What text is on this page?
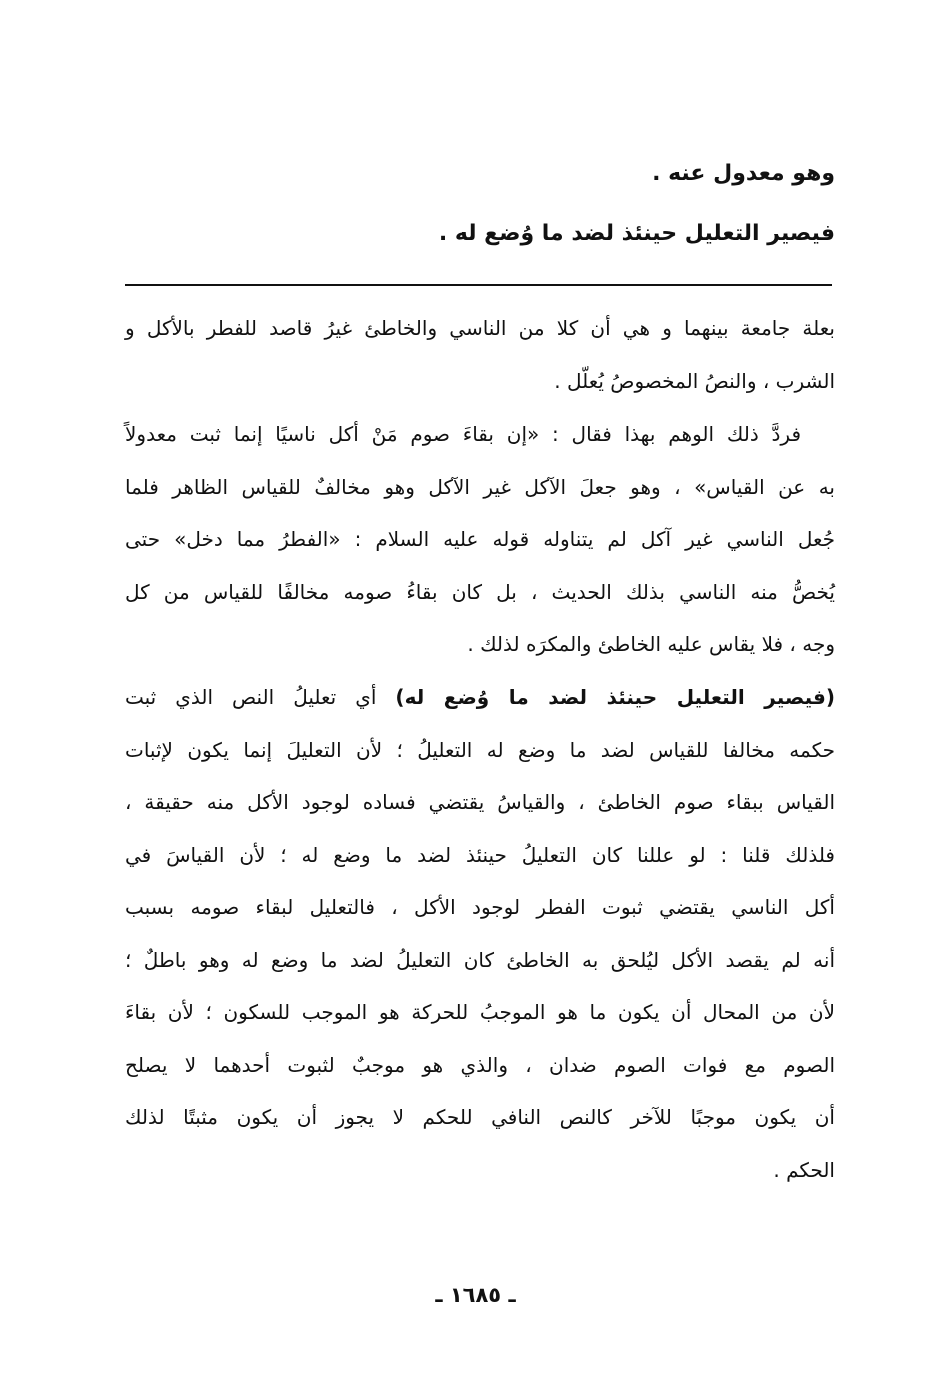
وهو معدول عنه .
فيصير التعليل حينئذ لضد ما وُضع له .
بعلة جامعة بينهما و هي أن كلا من الناسي والخاطئ غيرُ قاصد للفطر بالأكل و
الشرب ، والنصُ المخصوصُ يُعلّل .
فردَّ ذلك الوهم بهذا فقال : «إن بقاءَ صوم مَنْ أكل ناسيًا إنما ثبت معدولاً
به عن القياس» ، وهو جعلَ الآكل غير الآكل وهو مخالفٌ للقياس الظاهر فلما
جُعل الناسي غير آكل لم يتناوله قوله عليه السلام : «الفطرُ مما دخل» حتى
يُخصُّ منه الناسي بذلك الحديث ، بل كان بقاءُ صومه مخالفًا للقياس من كل
وجه ، فلا يقاس عليه الخاطئ والمكرَه لذلك .
(فيصير التعليل حينئذ لضد ما وُضع له) أي تعليلُ النص الذي ثبت
حكمه مخالفا للقياس لضد ما وضع له التعليلُ ؛ لأن التعليلَ إنما يكون لإثبات
القياس ببقاء صوم الخاطئ ، والقياسُ يقتضي فساده لوجود الأكل منه حقيقة ،
فلذلك قلنا : لو عللنا كان التعليلُ حينئذ لضد ما وضع له ؛ لأن القياسَ في
أكل الناسي يقتضي ثبوت الفطر لوجود الأكل ، فالتعليل لبقاء صومه بسبب
أنه لم يقصد الأكل ليُلحق به الخاطئ كان التعليلُ لضد ما وضع له وهو باطلٌ ؛
لأن من المحال أن يكون ما هو الموجبُ للحركة هو الموجب للسكون ؛ لأن بقاءَ
الصوم مع فوات الصوم ضدان ، والذي هو موجبٌ لثبوت أحدهما لا يصلح
أن يكون موجبًا للآخر كالنص النافي للحكم لا يجوز أن يكون مثبتًا لذلك
الحكم .
ـ ١٦٨٥ ـ
